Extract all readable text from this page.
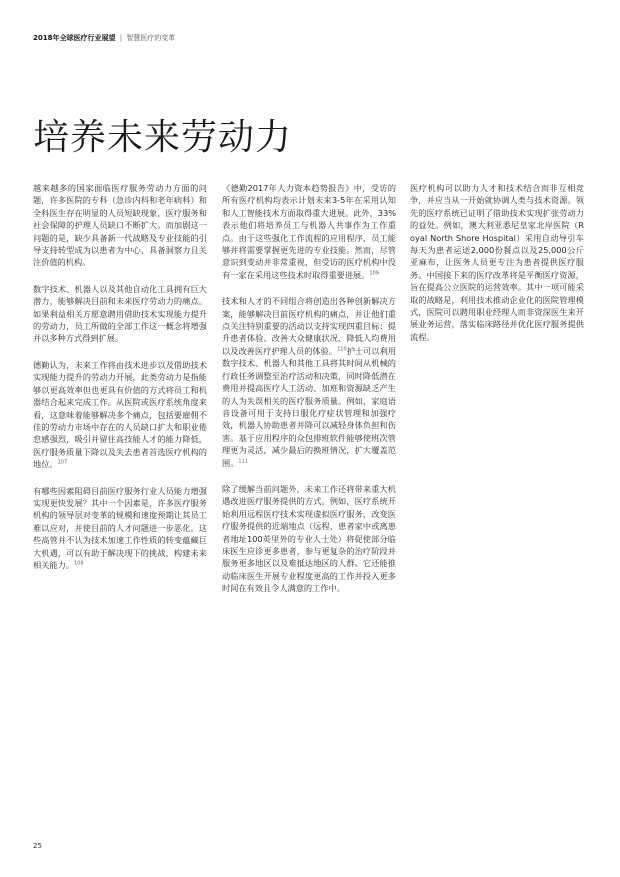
2018年全球医疗行业展望 | 智慧医疗的变革
培养未来劳动力

越来越多的国家面临医疗服务劳动力方面的问题，许多医院的专科（急诊内科和老年病科）和全科医生存在明显的人员短缺现象，医疗服务和社会保障的护理人员缺口不断扩大。而加剧这一问题的是，缺少具备新一代战略及专业技能的引导支持转型成为以患者为中心、具备洞察力且关注价值的机构。

数字技术、机器人以及其他自动化工具拥有巨大潜力，能够解决目前和未来医疗劳动力的痛点。如果利益相关方愿意聘用借助技术实现能力提升的劳动力，员工所做的全部工作这一概念将增强并以多种方式得到扩展。

德勤认为，未来工作将由技术进步以及借助技术实现能力提升的劳动力开展，此类劳动力是指能够以更高效率但也更具有价值的方式将员工和机器结合起来完成工作。从医院或医疗系统角度来看，这意味着能够解决多个痛点，包括要雇佣不佳的劳动力市场中存在的人员缺口扩大和职业倦怠感强烈，吸引并留住高技能人才的能力降低，医疗服务质量下降以及失去患者首选医疗机构的地位。$^{107}$

有哪些因素阻碍目前医疗服务行业人员能力增强实现更快发展？其中一个因素是，许多医疗服务机构的领导层对变革的规模和速度预期让其员工难以应对，并使目前的人才问题进一步恶化。这些高管并不认为技术加速工作性质的转变蕴藏巨大机遇，可以有助于解决现下的挑战，构建未来相关能力。$^{108}$

《德勤2017年人力资本趋势报告》中，受访的所有医疗机构均表示计划未来3-5年在采用认知和人工智能技术方面取得重大进展。此外，33%表示他们将培养员工与机器人共事作为工作重点。由于这些强化工作流程的应用程序，员工能够并将需要掌握更先进的专业技能。然而，尽管意识到变动并非常重视，但受访的医疗机构中没有一家在采用这些技术时取得重要进展。$^{109}$

技术和人才的不同组合将创造出各种创新解决方案，能够解决目前医疗机构的痛点，并让他们重点关注特别重要的活动以支持实现四重目标：提升患者体验、改善大众健康状况、降低人均费用以及改善医疗护理人员的体验。$^{110}$护士可以利用数字技术、机器人和其他工具将其时间从机械的行政任务调整至治疗活动和决策，同时降低潜在费用并提高医疗人工活动、加班和资源缺乏产生的人为失误相关的医疗服务质量。例如，家庭语音设备可用于支持日服化疗症状管理和加强疗效，机器人协助患者并降可以减轻身体负担和伤害。基于应用程序的众包排班软件能够使班次管理更为灵活，减少最后的换班情况，扩大覆盖范围。$^{111}$

除了缓解当前问题外，未来工作还将带来重大机遇改进医疗服务提供的方式。例如，医疗系统开始利用远程医疗技术实现虚拟医疗服务，改变医疗服务提供的近端地点（远程、患者家中或离患者地址100英里外的专业人士处）将促使部分临床医生应诊更多患者，参与更复杂的治疗阶段并服务更多地区以及难抵达地区的人群。它还能推动临床医生开展专业程度更高的工作并投入更多时间在有效且令人满意的工作中。

医疗机构可以助力人才和技术结合而非互相竞争，并应当从一开始就协调人类与技术资源。领先的医疗系统已证明了借助技术实现扩张劳动力的益处。例如，澳大利亚悉尼皇家北岸医院（Royal North Shore Hospital）采用自动导引车每天为患者运送2,000份餐点以及25,000公斤亚麻布，让医务人员更专注为患者提供医疗服务。中国接下来的医疗改革将是平衡医疗资源，旨在提高公立医院的运营效率。其中一项可能采取的战略是，利用技术推动企业化的医院管理模式，医院可以聘用职业经理人而非资深医生来开展业务运营，落实临床路径并优化医疗服务提供流程。

25
